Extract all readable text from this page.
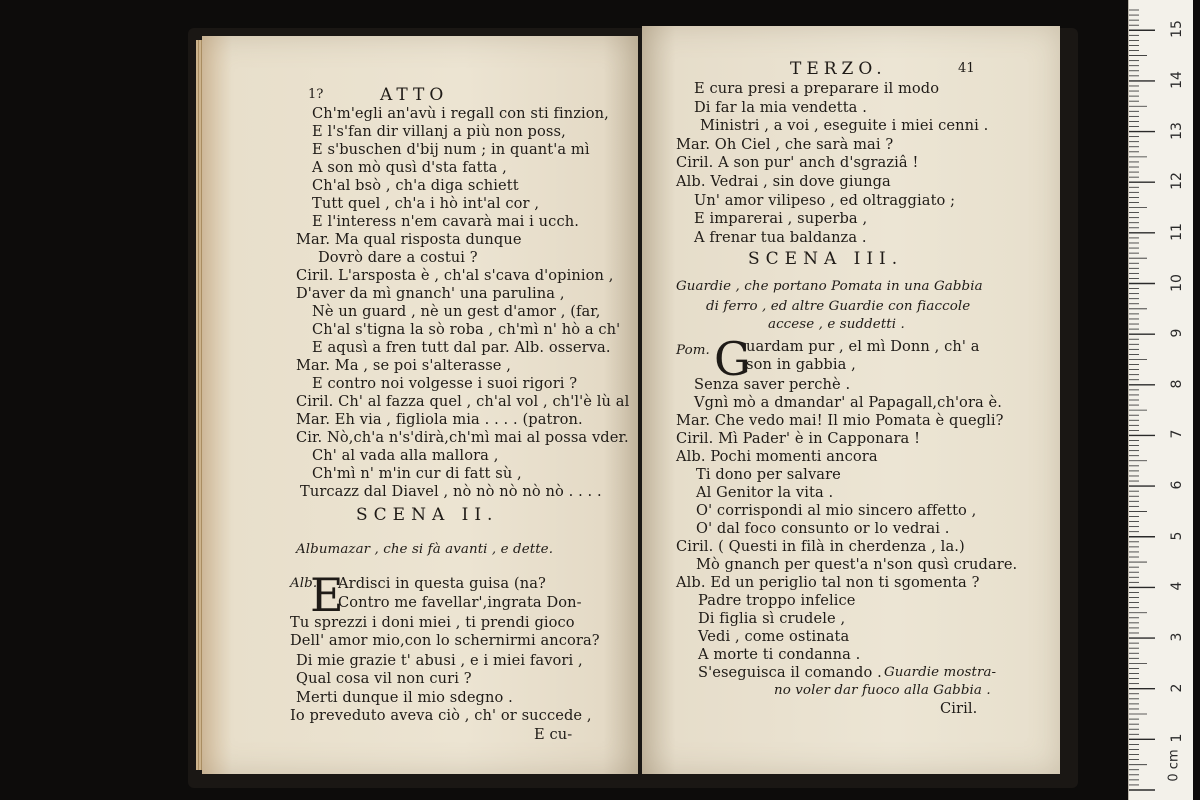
1?	ATTO
Ch'm'egli an'avù i regall con sti finzion,
E l's'fan dir villanj a più non poss,
E s'buschen d'bij num ; in quant'a mì
A son mò qusì d'sta fatta ,
Ch'al bsò , ch'a diga schiett
Tutt quel , ch'a i hò int'al cor ,
E l'interess n'em cavarà mai i ucch.
Mar. Ma qual risposta dunque
Dovrò dare a costui ?
Ciril. L'arsposta è , ch'al s'cava d'opinion ,
D'aver da mì gnanch' una parulina ,
Nè un guard , nè un gest d'amor , (far,
Ch'al s'tigna la sò roba , ch'mì n' hò a ch'
E aqusì a fren tutt dal par. Alb. osserva.
Mar. Ma , se poi s'alterasse ,
E contro noi volgesse i suoi rigori ?
Ciril. Ch' al fazza quel , ch'al vol , ch'l'è lù al
Mar. Eh via , figliola mia . . . . (patron.
Cir. Nò,ch'a n's'dirà,ch'mì mai al possa vder.
Ch' al vada alla mallora ,
Ch'mì n' m'in cur di fatt sù ,
Turcazz dal Diavel , nò nò nò nò nò . . . .
SCENA II.
Albumazar , che si fà avanti , e dette.
E
Alb. Ardisci in questa guisa (na?
Contro me favellar',ingrata Don-
Tu sprezzi i doni miei , ti prendi gioco
Dell' amor mio,con lo schernirmi ancora?
Di mie grazie t' abusi , e i miei favori ,
Qual cosa vil non curi ?
Merti dunque il mio sdegno .
Io preveduto aveva ciò , ch' or succede ,
E cu-
TERZO.	41
E cura presi a preparare il modo
Di far la mia vendetta .
Ministri , a voi , eseguite i miei cenni .
Mar. Oh Ciel , che sarà mai ?
Ciril. A son pur' anch d'sgraziâ !
Alb. Vedrai , sin dove giunga
Un' amor vilipeso , ed oltraggiato ;
E imparerai , superba ,
A frenar tua baldanza .
SCENA III.
Guardie , che portano Pomata in una Gabbia
di ferro , ed altre Guardie con fiaccole
accese , e suddetti .
G
Pom. uardam pur , el mì Donn , ch' a
son in gabbia ,
Senza saver perchè .
Vgnì mò a dmandar' al Papagall,ch'ora è.
Mar. Che vedo mai! Il mio Pomata è quegli?
Ciril. Mì Pader' è in Capponara !
Alb. Pochi momenti ancora
Ti dono per salvare
Al Genitor la vita .
O' corrispondi al mio sincero affetto ,
O' dal foco consunto or lo vedrai .
Ciril. ( Questi in filà in cherdenza , la.)
Mò gnanch per quest'a n'son qusì crudare.
Alb. Ed un periglio tal non ti sgomenta ?
Padre troppo infelice
Di figlia sì crudele ,
Vedi , come ostinata
A morte ti condanna .
S'eseguisca il comando . Guardie mostra-
no voler dar fuoco alla Gabbia .
Ciril.
15
14
13
12
11
10
9
8
7
6
5
4
3
2
1
0 cm
